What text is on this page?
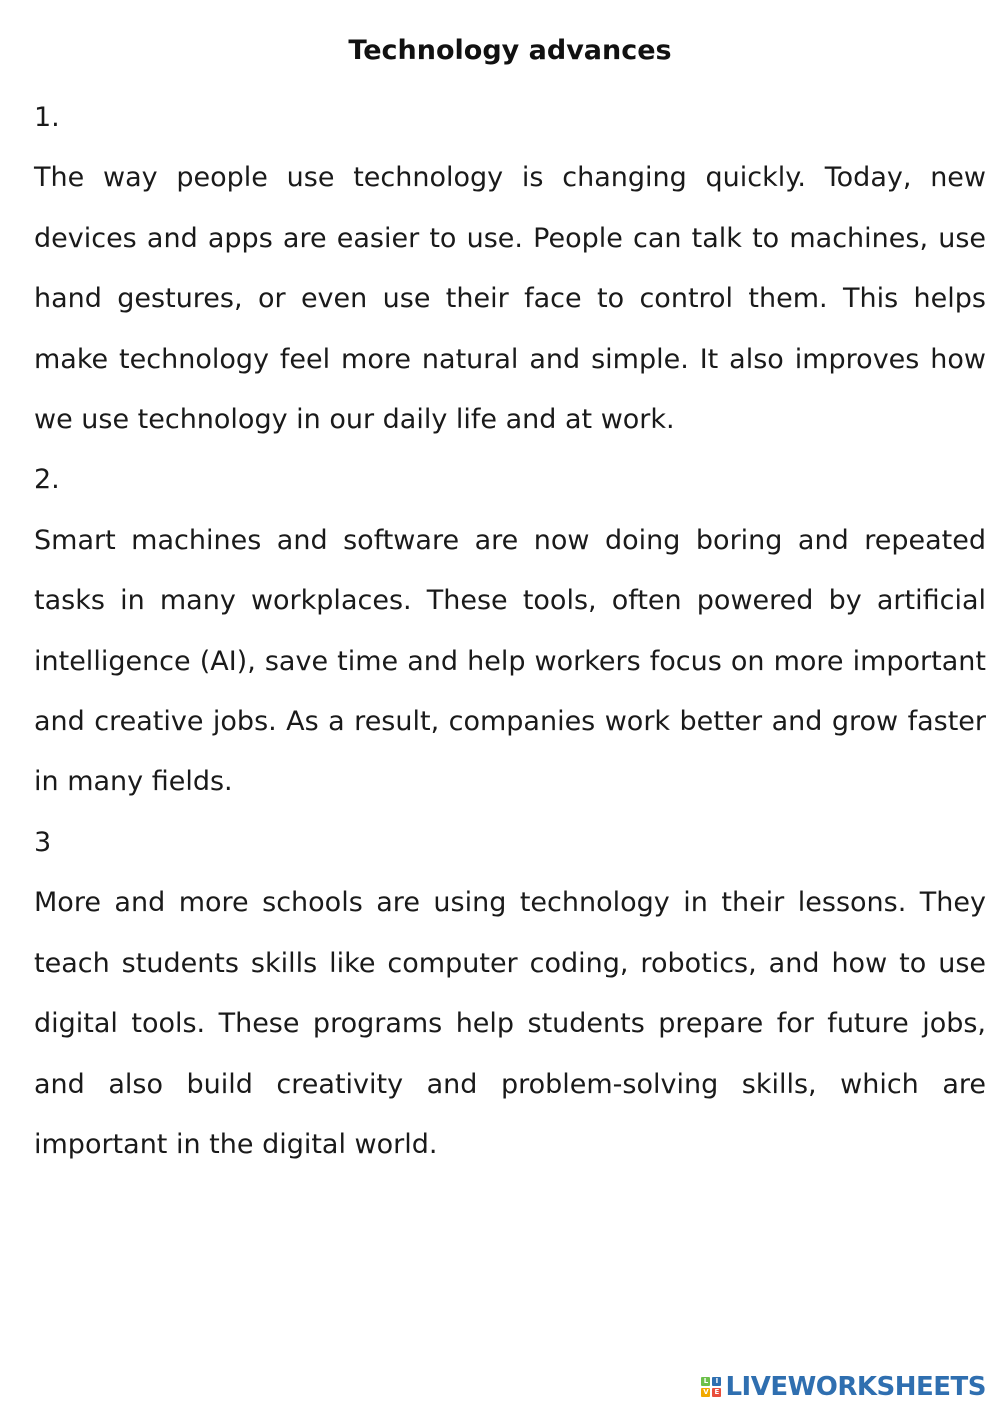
Technology advances
1.

The way people use technology is changing quickly. Today, new devices and apps are easier to use. People can talk to machines, use hand gestures, or even use their face to control them. This helps make technology feel more natural and simple. It also improves how we use technology in our daily life and at work.

2.

Smart machines and software are now doing boring and repeated tasks in many workplaces. These tools, often powered by artificial intelligence (AI), save time and help workers focus on more important and creative jobs. As a result, companies work better and grow faster in many fields.

3

More and more schools are using technology in their lessons. They teach students skills like computer coding, robotics, and how to use digital tools. These programs help students prepare for future jobs, and also build creativity and problem-solving skills, which are important in the digital world.

L I
V E LIVEWORKSHEETS
